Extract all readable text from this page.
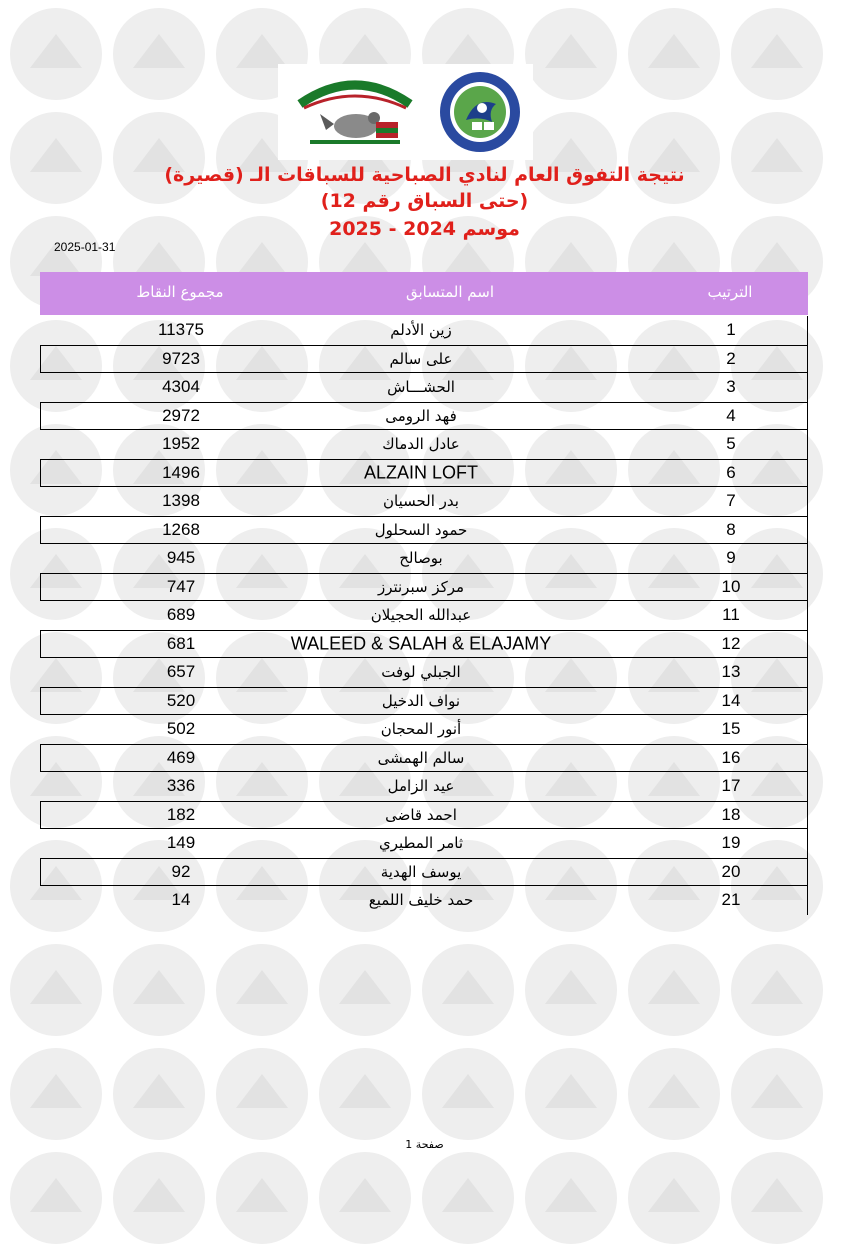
نتيجة التفوق العام لنادي الصباحية للسباقات الـ (قصيرة)
(حتى السباق رقم 12)
موسم 2024 - 2025
2025-01-31
الترتيب
اسم المتسابق
مجموع النقاط
1
زين الأدلم
11375
2
على سالم
9723
3
الحشـــاش
4304
4
فهد الرومى
2972
5
عادل الدماك
1952
6
ALZAIN LOFT
1496
7
بدر الحسيان
1398
8
حمود السحلول
1268
9
بوصالح
945
10
مركز سبرنترز
747
11
عبدالله الحجيلان
689
12
WALEED & SALAH & ELAJAMY
681
13
الجبلي لوفت
657
14
نواف الدخيل
520
15
أنور المحجان
502
16
سالم الهمشى
469
17
عيد الزامل
336
18
احمد قاضى
182
19
ثامر المطيري
149
20
يوسف الهدية
92
21
حمد خليف اللميع
14
صفحة 1
